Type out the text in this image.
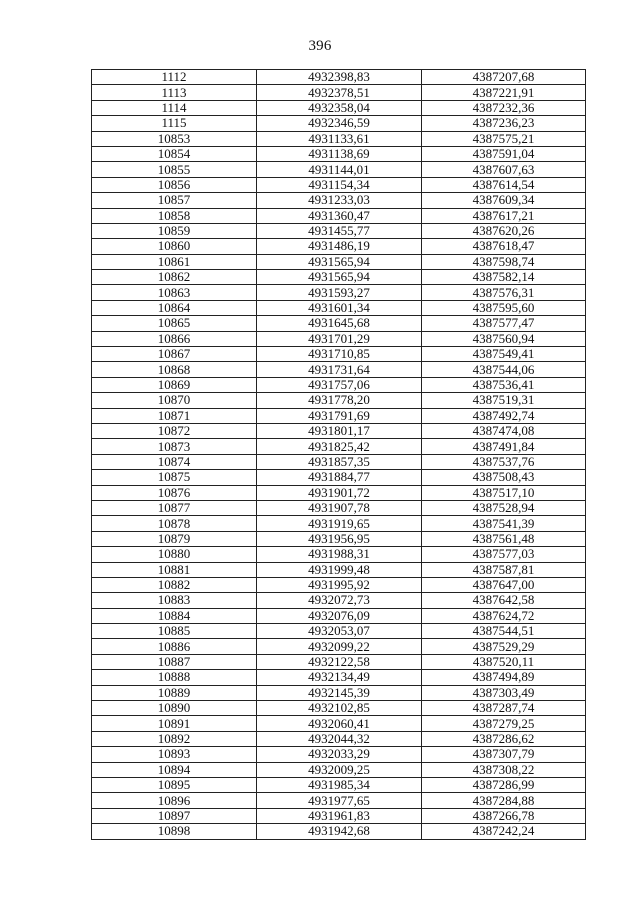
396
1112	4932398,83	4387207,68
1113	4932378,51	4387221,91
1114	4932358,04	4387232,36
1115	4932346,59	4387236,23
10853	4931133,61	4387575,21
10854	4931138,69	4387591,04
10855	4931144,01	4387607,63
10856	4931154,34	4387614,54
10857	4931233,03	4387609,34
10858	4931360,47	4387617,21
10859	4931455,77	4387620,26
10860	4931486,19	4387618,47
10861	4931565,94	4387598,74
10862	4931565,94	4387582,14
10863	4931593,27	4387576,31
10864	4931601,34	4387595,60
10865	4931645,68	4387577,47
10866	4931701,29	4387560,94
10867	4931710,85	4387549,41
10868	4931731,64	4387544,06
10869	4931757,06	4387536,41
10870	4931778,20	4387519,31
10871	4931791,69	4387492,74
10872	4931801,17	4387474,08
10873	4931825,42	4387491,84
10874	4931857,35	4387537,76
10875	4931884,77	4387508,43
10876	4931901,72	4387517,10
10877	4931907,78	4387528,94
10878	4931919,65	4387541,39
10879	4931956,95	4387561,48
10880	4931988,31	4387577,03
10881	4931999,48	4387587,81
10882	4931995,92	4387647,00
10883	4932072,73	4387642,58
10884	4932076,09	4387624,72
10885	4932053,07	4387544,51
10886	4932099,22	4387529,29
10887	4932122,58	4387520,11
10888	4932134,49	4387494,89
10889	4932145,39	4387303,49
10890	4932102,85	4387287,74
10891	4932060,41	4387279,25
10892	4932044,32	4387286,62
10893	4932033,29	4387307,79
10894	4932009,25	4387308,22
10895	4931985,34	4387286,99
10896	4931977,65	4387284,88
10897	4931961,83	4387266,78
10898	4931942,68	4387242,24
